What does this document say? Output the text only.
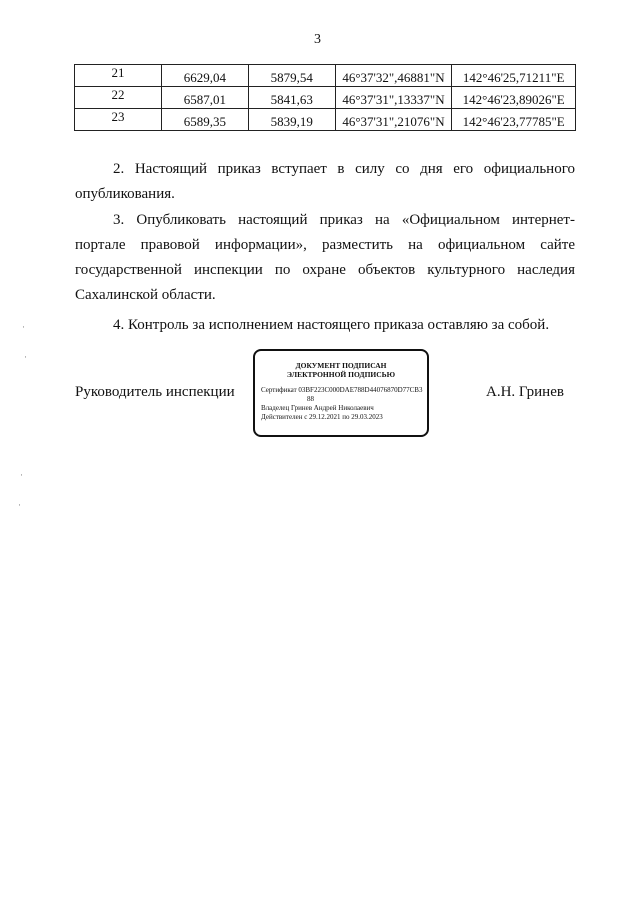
3
21	6629,04	5879,54	46°37'32",46881"N	142°46'25,71211"E
22	6587,01	5841,63	46°37'31",13337"N	142°46'23,89026"E
23	6589,35	5839,19	46°37'31",21076"N	142°46'23,77785"E
2. Настоящий приказ вступает в силу со дня его официального
опубликования.
3. Опубликовать настоящий приказ на «Официальном интернет-
портале правовой информации», разместить на официальном сайте государственной инспекции по охране объектов культурного наследия Сахалинской области.
4. Контроль за исполнением настоящего приказа оставляю за собой.
Руководитель инспекции
ДОКУМЕНТ ПОДПИСАН
ЭЛЕКТРОННОЙ ПОДПИСЬЮ
Сертификат 03BF223C000DAE788D44076870D77CB3
88
Владелец Гринев Андрей Николаевич
Действителен с 29.12.2021 по 29.03.2023
А.Н. Гринев
·
·
·
·
